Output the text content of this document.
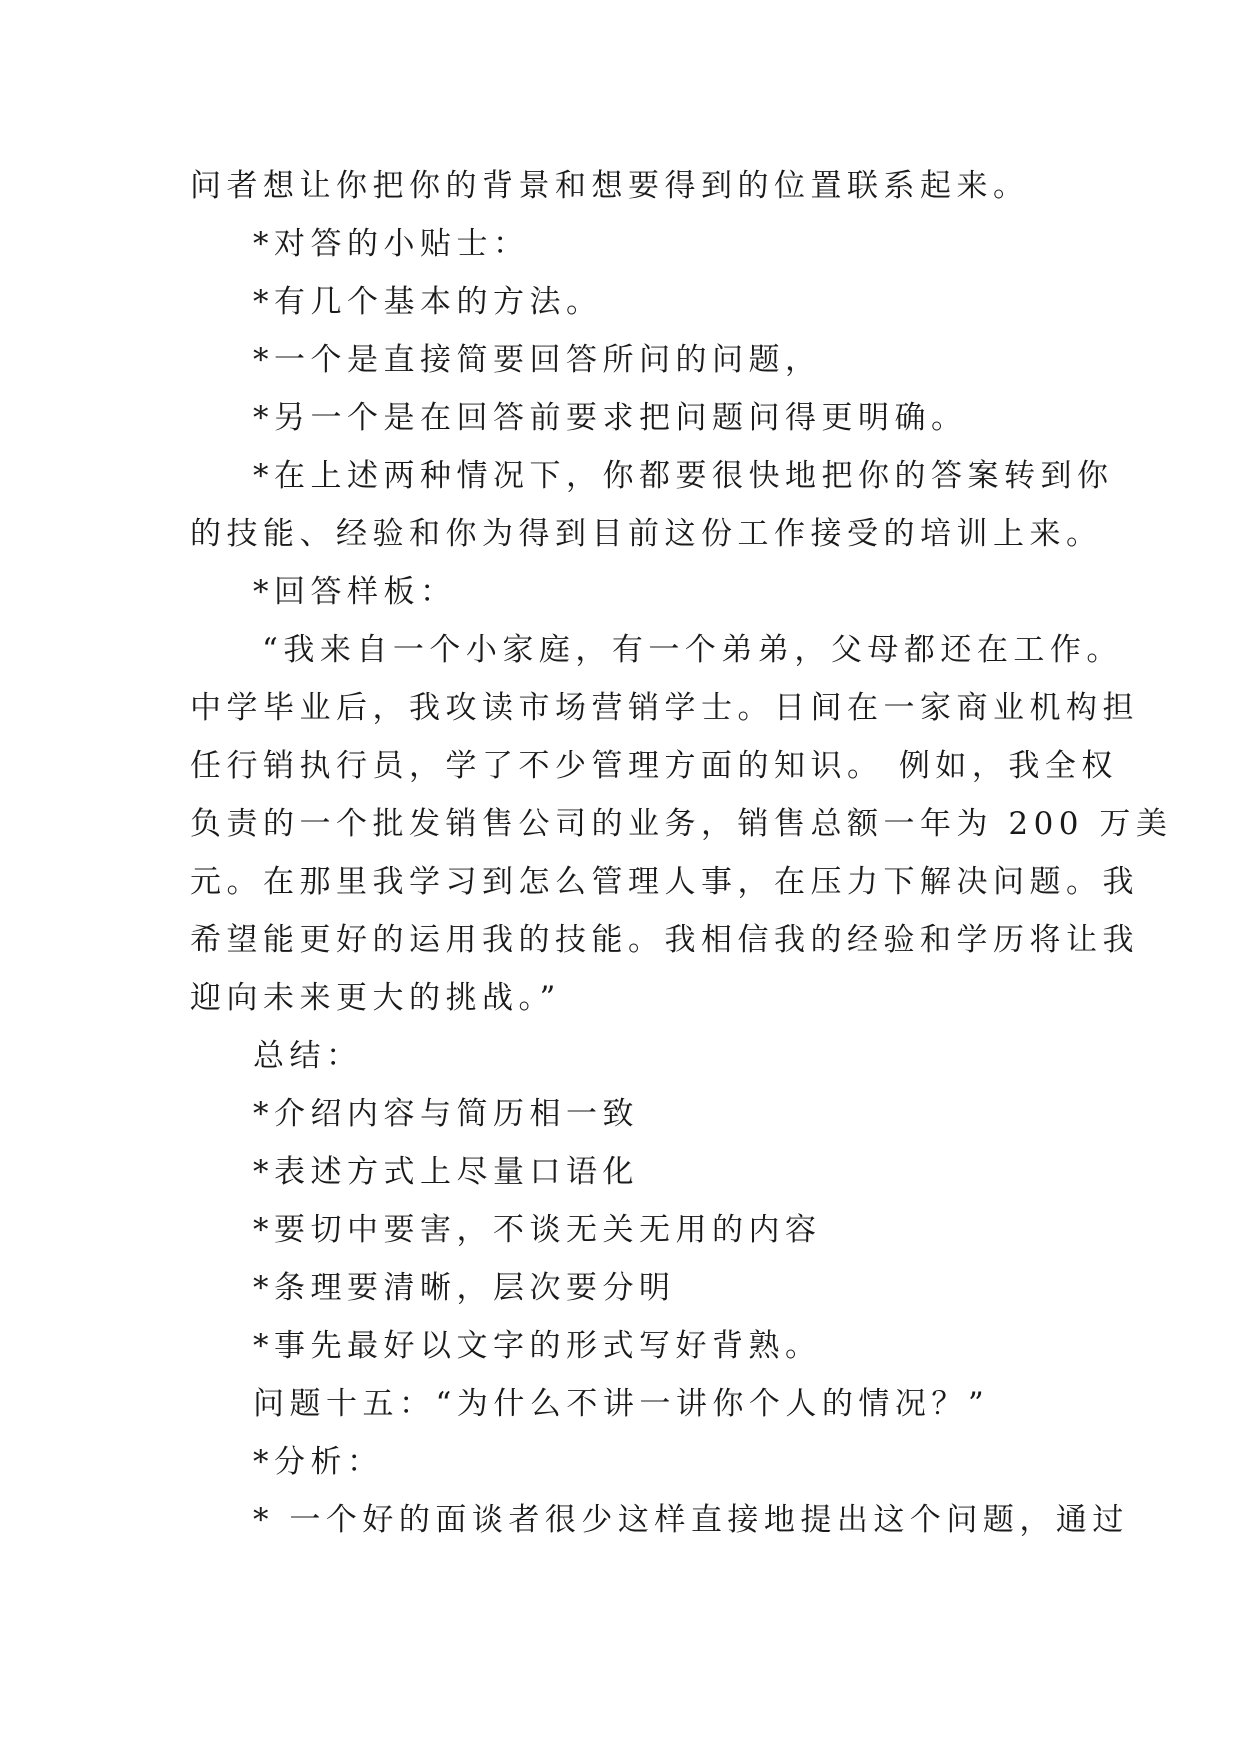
问者想让你把你的背景和想要得到的位置联系起来。
*对答的小贴士：
*有几个基本的方法。
*一个是直接简要回答所问的问题，
*另一个是在回答前要求把问题问得更明确。
*在上述两种情况下，你都要很快地把你的答案转到你
的技能、经验和你为得到目前这份工作接受的培训上来。
*回答样板：
“我来自一个小家庭，有一个弟弟，父母都还在工作。
中学毕业后，我攻读市场营销学士。日间在一家商业机构担
任行销执行员，学了不少管理方面的知识。 例如，我全权
负责的一个批发销售公司的业务，销售总额一年为 200 万美
元。在那里我学习到怎么管理人事，在压力下解决问题。我
希望能更好的运用我的技能。我相信我的经验和学历将让我
迎向未来更大的挑战。”
总结：
*介绍内容与简历相一致
*表述方式上尽量口语化
*要切中要害，不谈无关无用的内容
*条理要清晰，层次要分明
*事先最好以文字的形式写好背熟。
问题十五：“为什么不讲一讲你个人的情况？”
*分析：
* 一个好的面谈者很少这样直接地提出这个问题，通过
